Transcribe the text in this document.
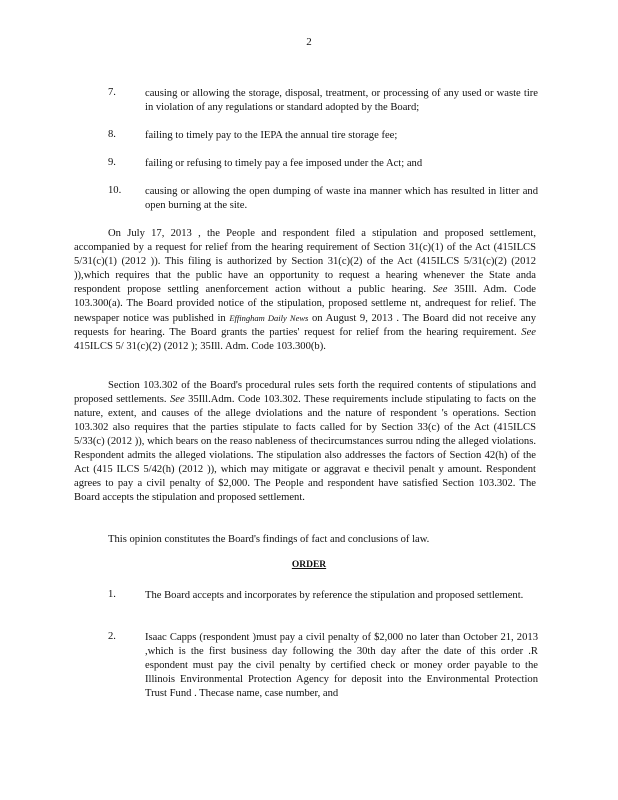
2
7.	causing or allowing the storage, disposal, treatment, or processing of any used or waste tire in violation of any regulations or standard adopted by the Board;
8.	failing to timely pay to the IEPA the annual tire storage fee;
9.	failing or refusing to timely pay a fee imposed under the Act; and
10.	causing or allowing the open dumping of waste ina manner which has resulted in litter and open burning at the site.

On July 17, 2013 , the People and respondent filed a stipulation and proposed settlement, accompanied by a request for relief from the hearing requirement of Section 31(c)(1) of the Act (415ILCS 5/31(c)(1) (2012 )). This filing is authorized by Section 31(c)(2) of the Act (415ILCS 5/31(c)(2) (2012 )),which requires that the public have an opportunity to request a hearing whenever the State anda respondent propose settling anenforcement action without a public hearing. See 35Ill. Adm. Code 103.300(a). The Board provided notice of the stipulation, proposed settleme nt, andrequest for relief. The newspaper notice was published in Effingham Daily News on August 9, 2013 . The Board did not receive any requests for hearing. The Board grants the parties' request for relief from the hearing requirement. See 415ILCS 5/ 31(c)(2) (2012 ); 35Ill. Adm. Code 103.300(b).

Section 103.302 of the Board's procedural rules sets forth the required contents of stipulations and proposed settlements. See 35Ill.Adm. Code 103.302. These requirements include stipulating to facts on the nature, extent, and causes of the allege dviolations and the nature of respondent 's operations. Section 103.302 also requires that the parties stipulate to facts called for by Section 33(c) of the Act (415ILCS 5/33(c) (2012 )), which bears on the reaso nableness of thecircumstances surrou nding the alleged violations. Respondent admits the alleged violations. The stipulation also addresses the factors of Section 42(h) of the Act (415 ILCS 5/42(h) (2012 )), which may mitigate or aggravat e thecivil penalt y amount. Respondent agrees to pay a civil penalty of $2,000. The People and respondent have satisfied Section 103.302. The Board accepts the stipulation and proposed settlement.

This opinion constitutes the Board's findings of fact and conclusions of law.

ORDER
1.	The Board accepts and incorporates by reference the stipulation and proposed settlement.
2.	Isaac Capps (respondent )must pay a civil penalty of $2,000 no later than October 21, 2013 ,which is the first business day following the 30th day after the date of this order .R espondent must pay the civil penalty by certified check or money order payable to the Illinois Environmental Protection Agency for deposit into the Environmental Protection Trust Fund . Thecase name, case number, and
